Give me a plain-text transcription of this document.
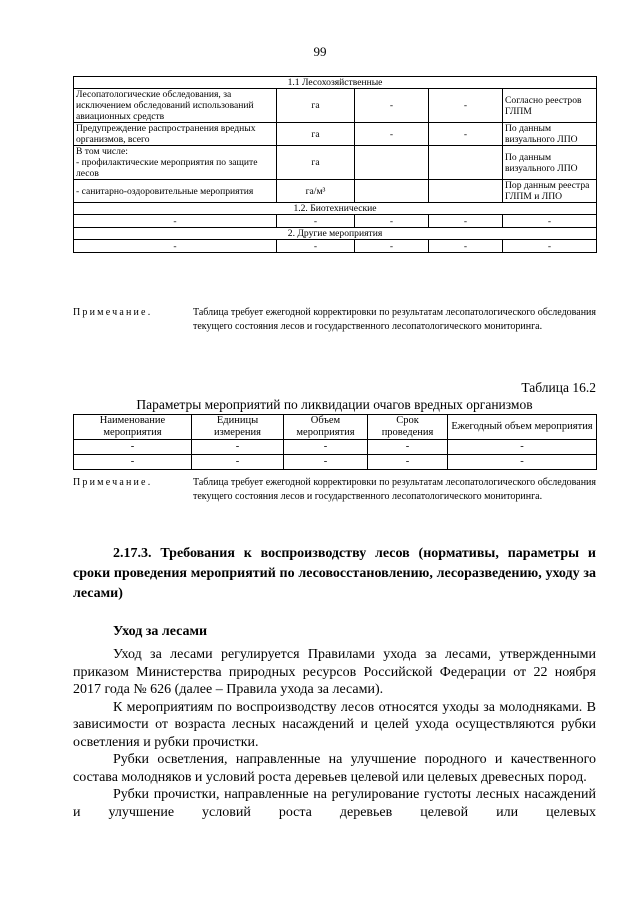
99
1.1 Лесохозяйственные				
Лесопатологические обследования, за исключением обследований использований авиационных средств	га	-	-	Согласно реестров ГЛПМ
Предупреждение распространения вредных организмов, всего	га	-	-	По данным визуального ЛПО
В том числе:
- профилактические мероприятия по защите лесов	га			По данным визуального ЛПО
- санитарно-оздоровительные мероприятия	га/м³			Пор данным реестра ГЛПМ и ЛПО
1.2. Биотехнические				
-	-	-	-	-
2. Другие мероприятия				
-	-	-	-	-
Примечание.	Таблица требует ежегодной корректировки по результатам лесопатологического обследования текущего состояния лесов и государственного лесопатологического мониторинга.
Таблица 16.2
Параметры мероприятий по ликвидации очагов вредных организмов
Наименование мероприятия	Единицы измерения	Объем мероприятия	Срок проведения	Ежегодный объем мероприятия
-	-	-	-	-
-	-	-	-	-
Примечание.	Таблица требует ежегодной корректировки по результатам лесопатологического обследования текущего состояния лесов и государственного лесопатологического мониторинга.
2.17.3. Требования к воспроизводству лесов (нормативы, параметры и сроки проведения мероприятий по лесовосстановлению, лесоразведению, уходу за лесами)
Уход за лесами

Уход за лесами регулируется Правилами ухода за лесами, утвержденными приказом Министерства природных ресурсов Российской Федерации от 22 ноября 2017 года № 626 (далее – Правила ухода за лесами).

К мероприятиям по воспроизводству лесов относятся уходы за молодняками. В зависимости от возраста лесных насаждений и целей ухода осуществляются рубки осветления и рубки прочистки.

Рубки осветления, направленные на улучшение породного и качественного состава молодняков и условий роста деревьев целевой или целевых древесных пород.

Рубки прочистки, направленные на регулирование густоты лесных насаждений и улучшение условий роста деревьев целевой или целевых
